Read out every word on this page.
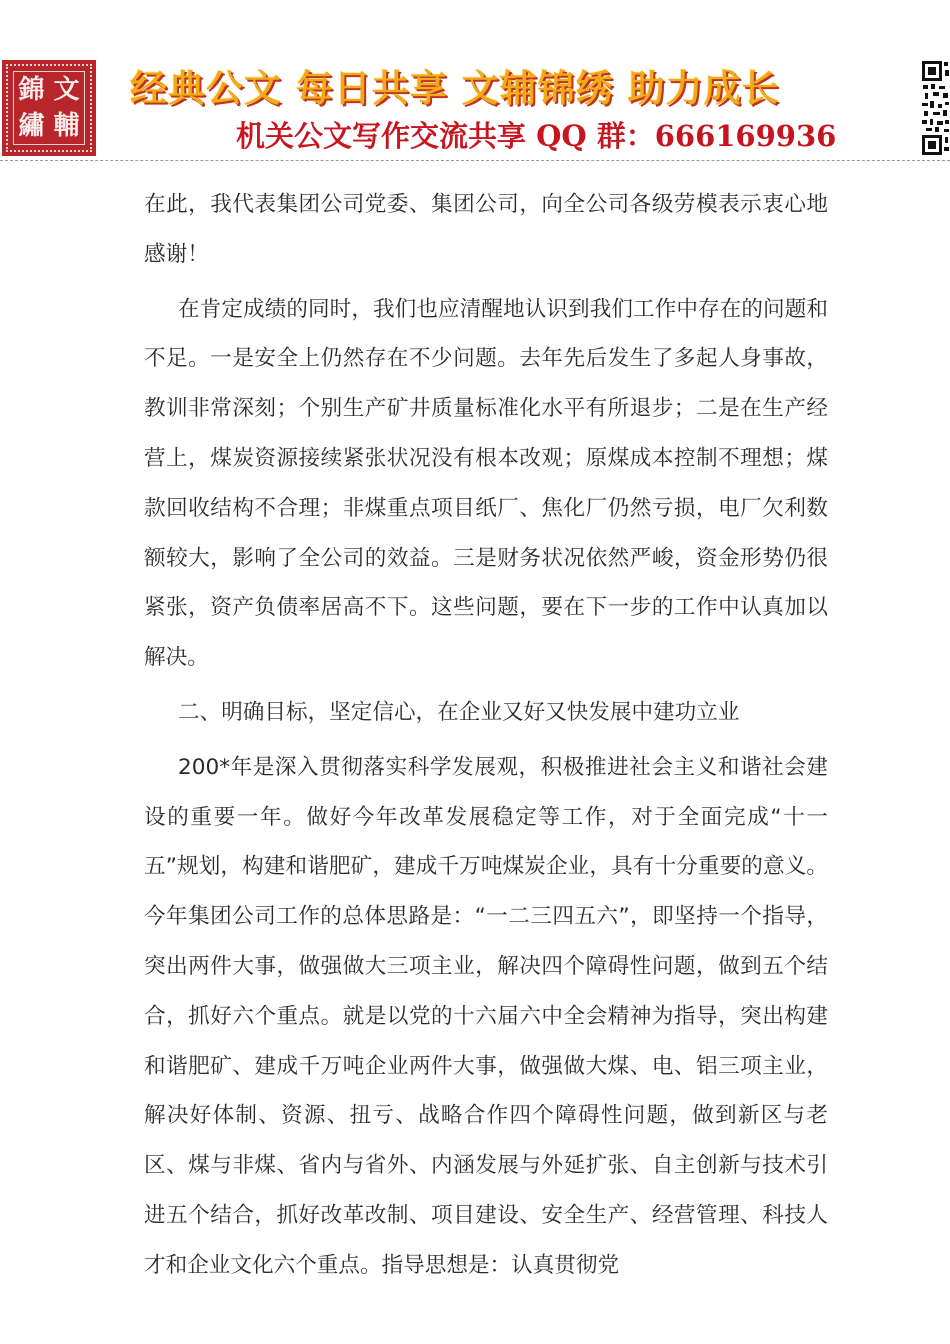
錦 文
繡 輔
经典公文 每日共享 文辅锦绣 助力成长
机关公文写作交流共享 QQ 群：666169936

在此，我代表集团公司党委、集团公司，向全公司各级劳模表示衷心地感谢！

在肯定成绩的同时，我们也应清醒地认识到我们工作中存在的问题和不足。一是安全上仍然存在不少问题。去年先后发生了多起人身事故，教训非常深刻；个别生产矿井质量标准化水平有所退步；二是在生产经营上，煤炭资源接续紧张状况没有根本改观；原煤成本控制不理想；煤款回收结构不合理；非煤重点项目纸厂、焦化厂仍然亏损，电厂欠利数额较大，影响了全公司的效益。三是财务状况依然严峻，资金形势仍很紧张，资产负债率居高不下。这些问题，要在下一步的工作中认真加以解决。

二、明确目标，坚定信心，在企业又好又快发展中建功立业

200*年是深入贯彻落实科学发展观，积极推进社会主义和谐社会建设的重要一年。做好今年改革发展稳定等工作，对于全面完成“十一五”规划，构建和谐肥矿，建成千万吨煤炭企业，具有十分重要的意义。今年集团公司工作的总体思路是：“一二三四五六”，即坚持一个指导，突出两件大事，做强做大三项主业，解决四个障碍性问题，做到五个结合，抓好六个重点。就是以党的十六届六中全会精神为指导，突出构建和谐肥矿、建成千万吨企业两件大事，做强做大煤、电、铝三项主业，解决好体制、资源、扭亏、战略合作四个障碍性问题，做到新区与老区、煤与非煤、省内与省外、内涵发展与外延扩张、自主创新与技术引进五个结合，抓好改革改制、项目建设、安全生产、经营管理、科技人才和企业文化六个重点。指导思想是：认真贯彻党
